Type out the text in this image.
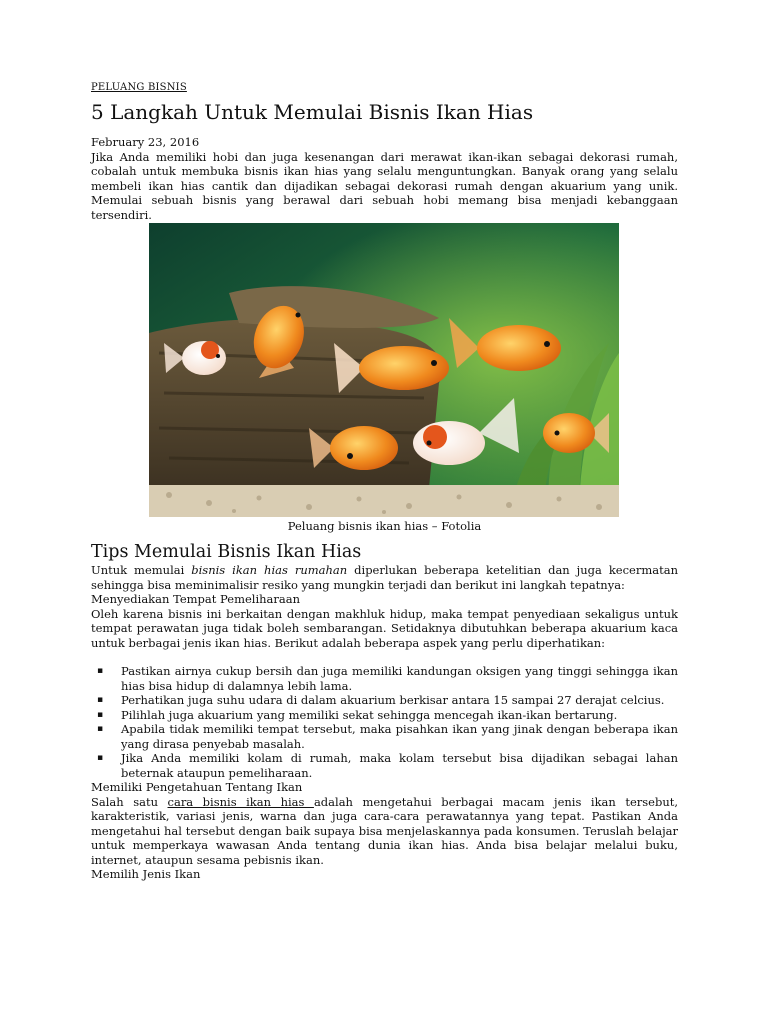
PELUANG BISNIS
5 Langkah Untuk Memulai Bisnis Ikan Hias
February 23, 2016

Jika Anda memiliki hobi dan juga kesenangan dari merawat ikan-ikan sebagai dekorasi rumah, cobalah untuk membuka bisnis ikan hias yang selalu menguntungkan. Banyak orang yang selalu membeli ikan hias cantik dan dijadikan sebagai dekorasi rumah dengan akuarium yang unik. Memulai sebuah bisnis yang berawal dari sebuah hobi memang bisa menjadi kebanggaan tersendiri.

Peluang bisnis ikan hias – Fotolia
Tips Memulai Bisnis Ikan Hias

Untuk memulai bisnis ikan hias rumahan diperlukan beberapa ketelitian dan juga kecermatan sehingga bisa meminimalisir resiko yang mungkin terjadi dan berikut ini langkah tepatnya:

Menyediakan Tempat Pemeliharaan

Oleh karena bisnis ini berkaitan dengan makhluk hidup, maka tempat penyediaan sekaligus untuk tempat perawatan juga tidak boleh sembarangan. Setidaknya dibutuhkan beberapa akuarium kaca untuk berbagai jenis ikan hias. Berikut adalah beberapa aspek yang perlu diperhatikan:

▪ Pastikan airnya cukup bersih dan juga memiliki kandungan oksigen yang tinggi sehingga ikan hias bisa hidup di dalamnya lebih lama.
▪ Perhatikan juga suhu udara di dalam akuarium berkisar antara 15 sampai 27 derajat celcius.
▪ Pilihlah juga akuarium yang memiliki sekat sehingga mencegah ikan-ikan bertarung.
▪ Apabila tidak memiliki tempat tersebut, maka pisahkan ikan yang jinak dengan beberapa ikan yang dirasa penyebab masalah.
▪ Jika Anda memiliki kolam di rumah, maka kolam tersebut bisa dijadikan sebagai lahan beternak ataupun pemeliharaan.
Memiliki Pengetahuan Tentang Ikan

Salah satu cara bisnis ikan hias adalah mengetahui berbagai macam jenis ikan tersebut, karakteristik, variasi jenis, warna dan juga cara-cara perawatannya yang tepat. Pastikan Anda mengetahui hal tersebut dengan baik supaya bisa menjelaskannya pada konsumen. Teruslah belajar untuk memperkaya wawasan Anda tentang dunia ikan hias. Anda bisa belajar melalui buku, internet, ataupun sesama pebisnis ikan.

Memilih Jenis Ikan
